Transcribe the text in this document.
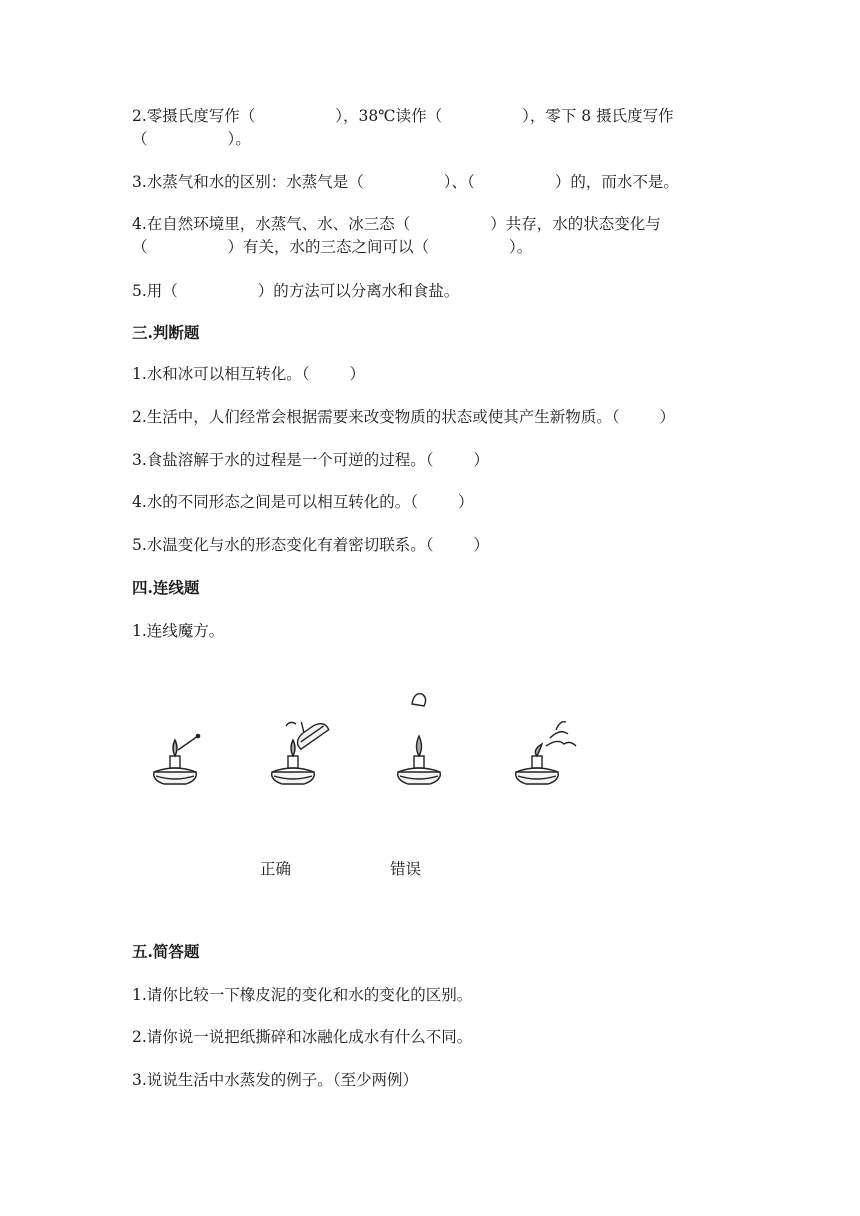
2.零摄氏度写作（	），38℃读作（	），零下 8 摄氏度写作
（	）。
3.水蒸气和水的区别：水蒸气是（	）、（	）的，而水不是。
4.在自然环境里，水蒸气、水、冰三态（	）共存，水的状态变化与
（	）有关，水的三态之间可以（	）。
5.用（	）的方法可以分离水和食盐。
三.判断题
1.水和冰可以相互转化。（	）
2.生活中，人们经常会根据需要来改变物质的状态或使其产生新物质。（	）
3.食盐溶解于水的过程是一个可逆的过程。（	）
4.水的不同形态之间是可以相互转化的。（	）
5.水温变化与水的形态变化有着密切联系。（	）
四.连线题
1.连线魔方。
正确	错误
五.简答题
1.请你比较一下橡皮泥的变化和水的变化的区别。
2.请你说一说把纸撕碎和冰融化成水有什么不同。
3.说说生活中水蒸发的例子。（至少两例）
